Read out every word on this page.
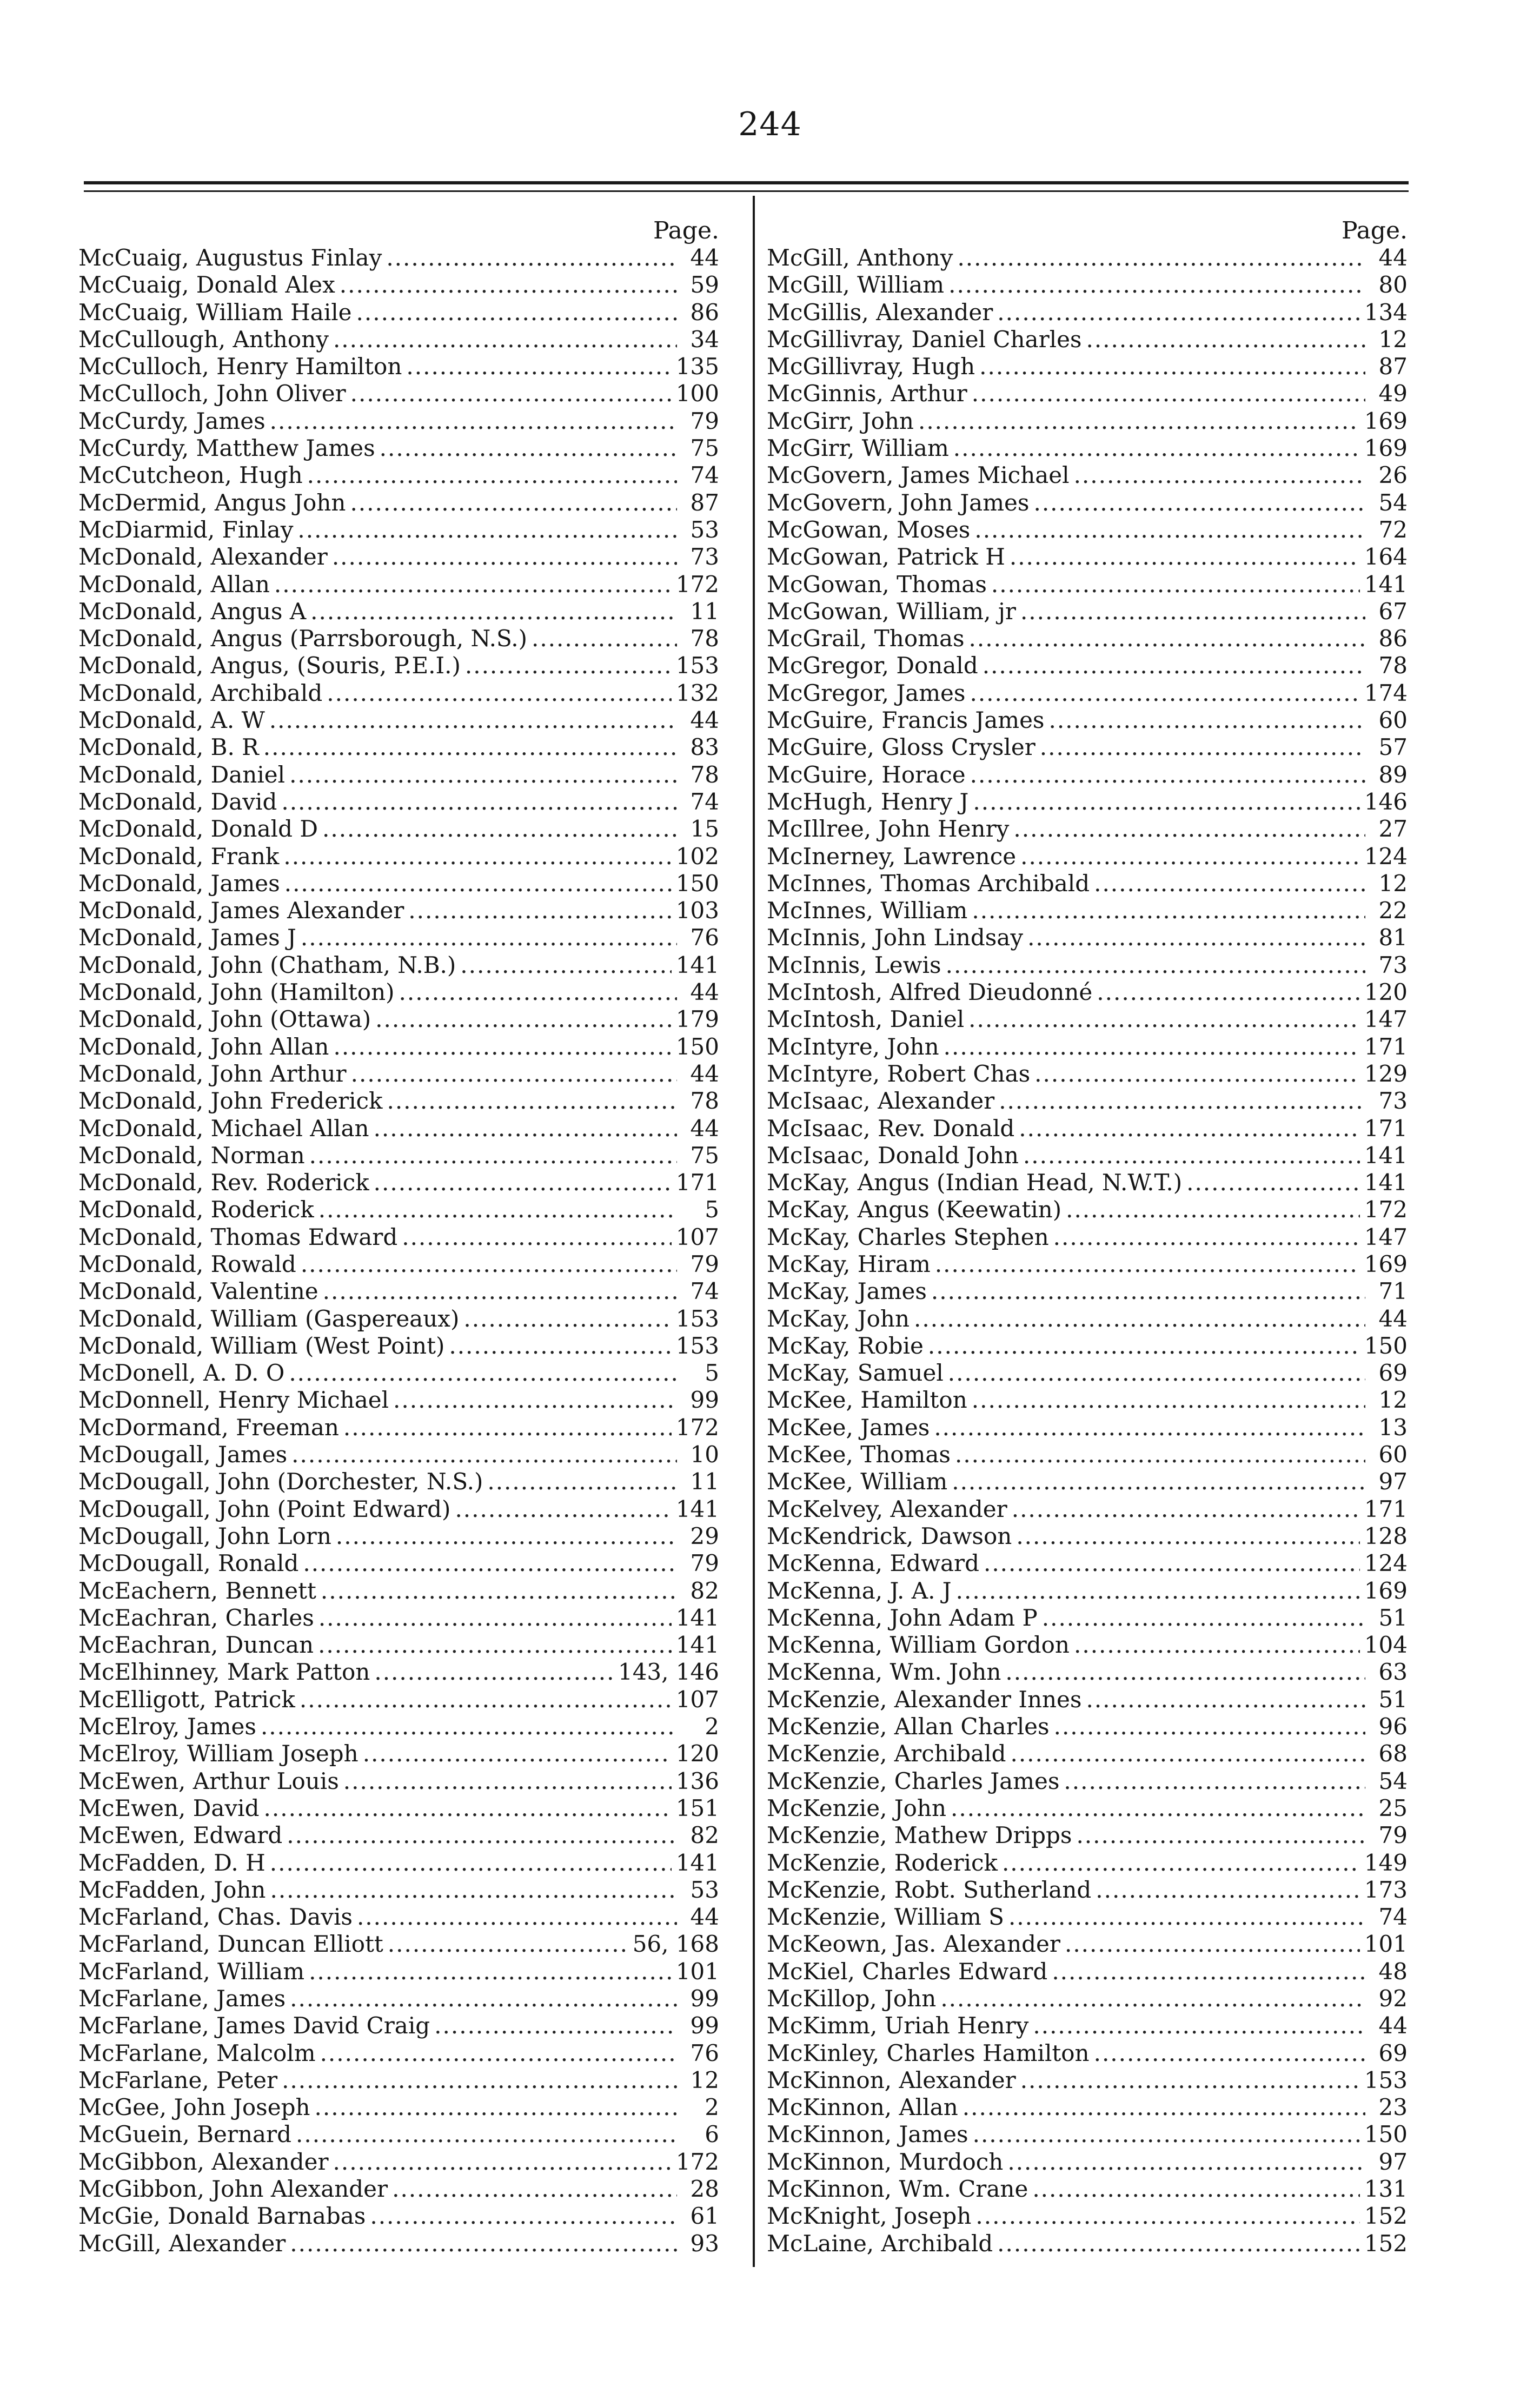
244
Page.
McCuaig, Augustus Finlay .....	44
McCuaig, Donald Alex .....	59
McCuaig, William Haile .....	86
McCullough, Anthony .....	34
McCulloch, Henry Hamilton .....	135
McCulloch, John Oliver .....	100
McCurdy, James .....	79
McCurdy, Matthew James .....	75
McCutcheon, Hugh .....	74
McDermid, Angus John .....	87
McDiarmid, Finlay .....	53
McDonald, Alexander .....	73
McDonald, Allan .....	172
McDonald, Angus A .....	11
McDonald, Angus (Parrsborough, N.S.) .....	78
McDonald, Angus, (Souris, P.E.I.) .....	153
McDonald, Archibald .....	132
McDonald, A. W .....	44
McDonald, B. R .....	83
McDonald, Daniel .....	78
McDonald, David .....	74
McDonald, Donald D .....	15
McDonald, Frank .....	102
McDonald, James .....	150
McDonald, James Alexander .....	103
McDonald, James J .....	76
McDonald, John (Chatham, N.B.) .....	141
McDonald, John (Hamilton) .....	44
McDonald, John (Ottawa) .....	179
McDonald, John Allan .....	150
McDonald, John Arthur .....	44
McDonald, John Frederick .....	78
McDonald, Michael Allan .....	44
McDonald, Norman .....	75
McDonald, Rev. Roderick .....	171
McDonald, Roderick .....	5
McDonald, Thomas Edward .....	107
McDonald, Rowald .....	79
McDonald, Valentine .....	74
McDonald, William (Gaspereaux) .....	153
McDonald, William (West Point) .....	153
McDonell, A. D. O .....	5
McDonnell, Henry Michael .....	99
McDormand, Freeman .....	172
McDougall, James .....	10
McDougall, John (Dorchester, N.S.) .....	11
McDougall, John (Point Edward) .....	141
McDougall, John Lorn .....	29
McDougall, Ronald .....	79
McEachern, Bennett .....	82
McEachran, Charles .....	141
McEachran, Duncan .....	141
McElhinney, Mark Patton .....	143, 146
McElligott, Patrick .....	107
McElroy, James .....	2
McElroy, William Joseph .....	120
McEwen, Arthur Louis .....	136
McEwen, David .....	151
McEwen, Edward .....	82
McFadden, D. H .....	141
McFadden, John .....	53
McFarland, Chas. Davis .....	44
McFarland, Duncan Elliott .....	56, 168
McFarland, William .....	101
McFarlane, James .....	99
McFarlane, James David Craig .....	99
McFarlane, Malcolm .....	76
McFarlane, Peter .....	12
McGee, John Joseph .....	2
McGuein, Bernard .....	6
McGibbon, Alexander .....	172
McGibbon, John Alexander .....	28
McGie, Donald Barnabas .....	61
McGill, Alexander .....	93
Page.
McGill, Anthony .....	44
McGill, William .....	80
McGillis, Alexander .....	134
McGillivray, Daniel Charles .....	12
McGillivray, Hugh .....	87
McGinnis, Arthur .....	49
McGirr, John .....	169
McGirr, William .....	169
McGovern, James Michael .....	26
McGovern, John James .....	54
McGowan, Moses .....	72
McGowan, Patrick H .....	164
McGowan, Thomas .....	141
McGowan, William, jr .....	67
McGrail, Thomas .....	86
McGregor, Donald .....	78
McGregor, James .....	174
McGuire, Francis James .....	60
McGuire, Gloss Crysler .....	57
McGuire, Horace .....	89
McHugh, Henry J .....	146
McIllree, John Henry .....	27
McInerney, Lawrence .....	124
McInnes, Thomas Archibald .....	12
McInnes, William .....	22
McInnis, John Lindsay .....	81
McInnis, Lewis .....	73
McIntosh, Alfred Dieudonné .....	120
McIntosh, Daniel .....	147
McIntyre, John .....	171
McIntyre, Robert Chas .....	129
McIsaac, Alexander .....	73
McIsaac, Rev. Donald .....	171
McIsaac, Donald John .....	141
McKay, Angus (Indian Head, N.W.T.) .....	141
McKay, Angus (Keewatin) .....	172
McKay, Charles Stephen .....	147
McKay, Hiram .....	169
McKay, James .....	71
McKay, John .....	44
McKay, Robie .....	150
McKay, Samuel .....	69
McKee, Hamilton .....	12
McKee, James .....	13
McKee, Thomas .....	60
McKee, William .....	97
McKelvey, Alexander .....	171
McKendrick, Dawson .....	128
McKenna, Edward .....	124
McKenna, J. A. J .....	169
McKenna, John Adam P .....	51
McKenna, William Gordon .....	104
McKenna, Wm. John .....	63
McKenzie, Alexander Innes .....	51
McKenzie, Allan Charles .....	96
McKenzie, Archibald .....	68
McKenzie, Charles James .....	54
McKenzie, John .....	25
McKenzie, Mathew Dripps .....	79
McKenzie, Roderick .....	149
McKenzie, Robt. Sutherland .....	173
McKenzie, William S .....	74
McKeown, Jas. Alexander .....	101
McKiel, Charles Edward .....	48
McKillop, John .....	92
McKimm, Uriah Henry .....	44
McKinley, Charles Hamilton .....	69
McKinnon, Alexander .....	153
McKinnon, Allan .....	23
McKinnon, James .....	150
McKinnon, Murdoch .....	97
McKinnon, Wm. Crane .....	131
McKnight, Joseph .....	152
McLaine, Archibald .....	152
